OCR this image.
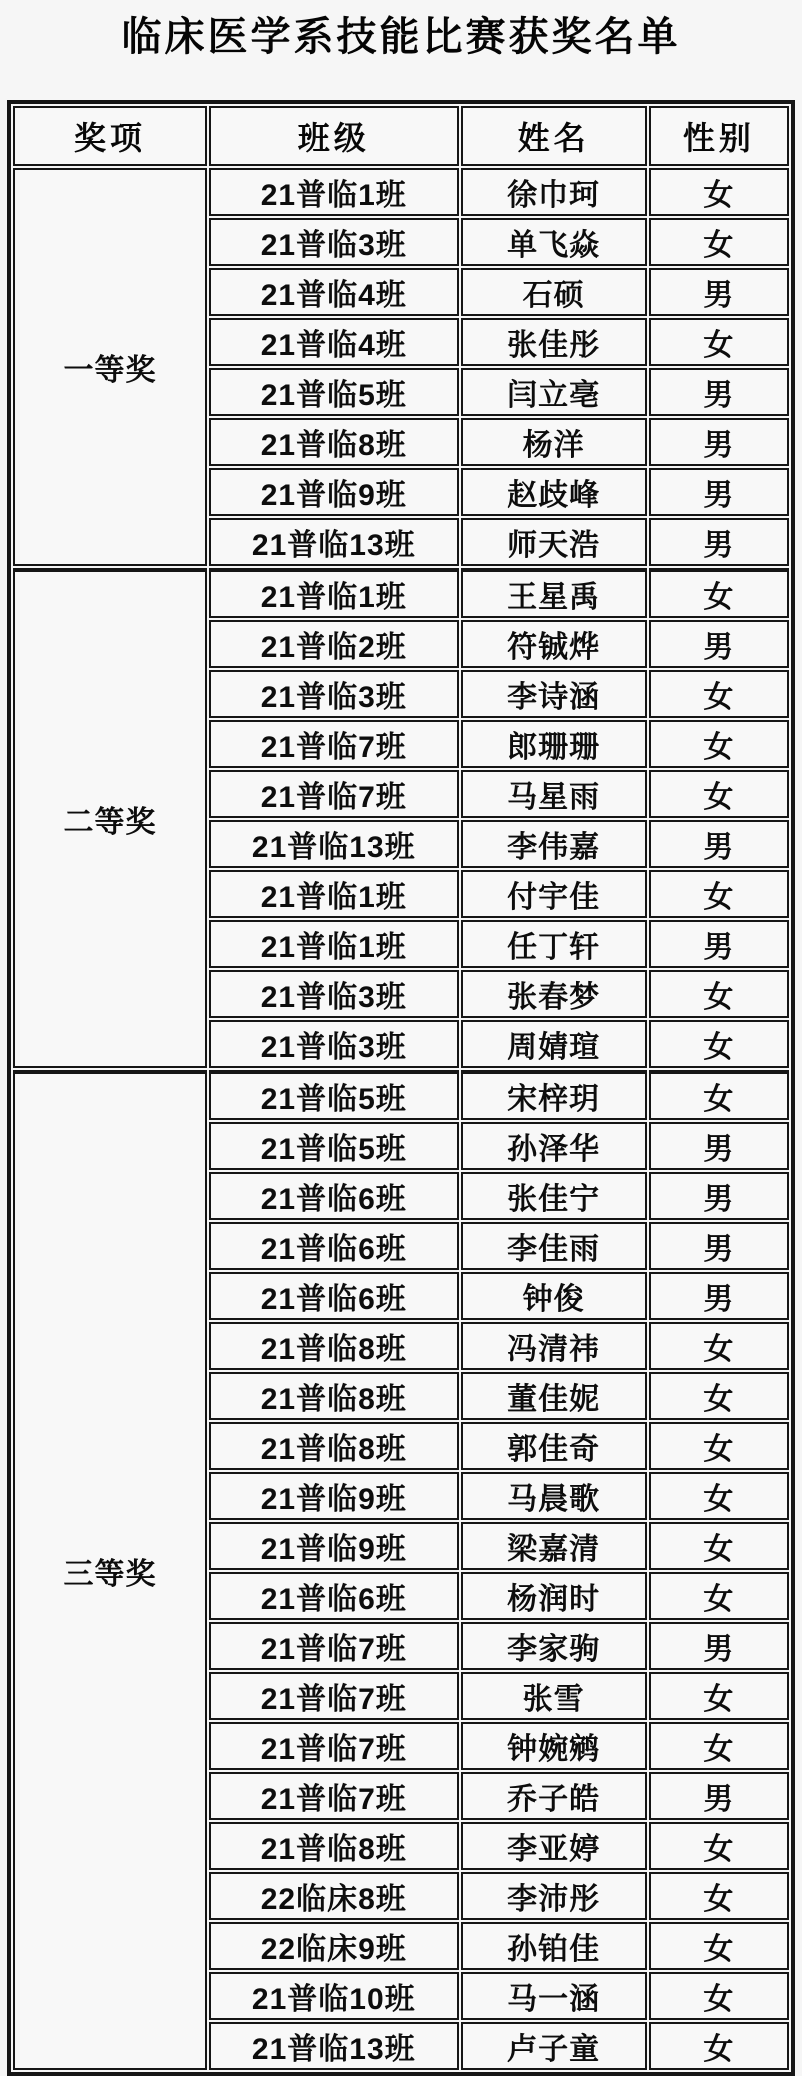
临床医学系技能比赛获奖名单
奖项	班级	姓名	性别
一等奖	21普临1班	徐巾珂	女
	21普临3班	单飞焱	女
	21普临4班	石硕	男
	21普临4班	张佳彤	女
	21普临5班	闫立亳	男
	21普临8班	杨洋	男
	21普临9班	赵歧峰	男
	21普临13班	师天浩	男
二等奖	21普临1班	王星禹	女
	21普临2班	符铖烨	男
	21普临3班	李诗涵	女
	21普临7班	郎珊珊	女
	21普临7班	马星雨	女
	21普临13班	李伟嘉	男
	21普临1班	付宇佳	女
	21普临1班	任丁轩	男
	21普临3班	张春梦	女
	21普临3班	周婧瑄	女
三等奖	21普临5班	宋梓玥	女
	21普临5班	孙泽华	男
	21普临6班	张佳宁	男
	21普临6班	李佳雨	男
	21普临6班	钟俊	男
	21普临8班	冯清祎	女
	21普临8班	董佳妮	女
	21普临8班	郭佳奇	女
	21普临9班	马晨歌	女
	21普临9班	梁嘉清	女
	21普临6班	杨润时	女
	21普临7班	李家驹	男
	21普临7班	张雪	女
	21普临7班	钟婉鹓	女
	21普临7班	乔子皓	男
	21普临8班	李亚婷	女
	22临床8班	李沛彤	女
	22临床9班	孙铂佳	女
	21普临10班	马一涵	女
	21普临13班	卢子童	女
